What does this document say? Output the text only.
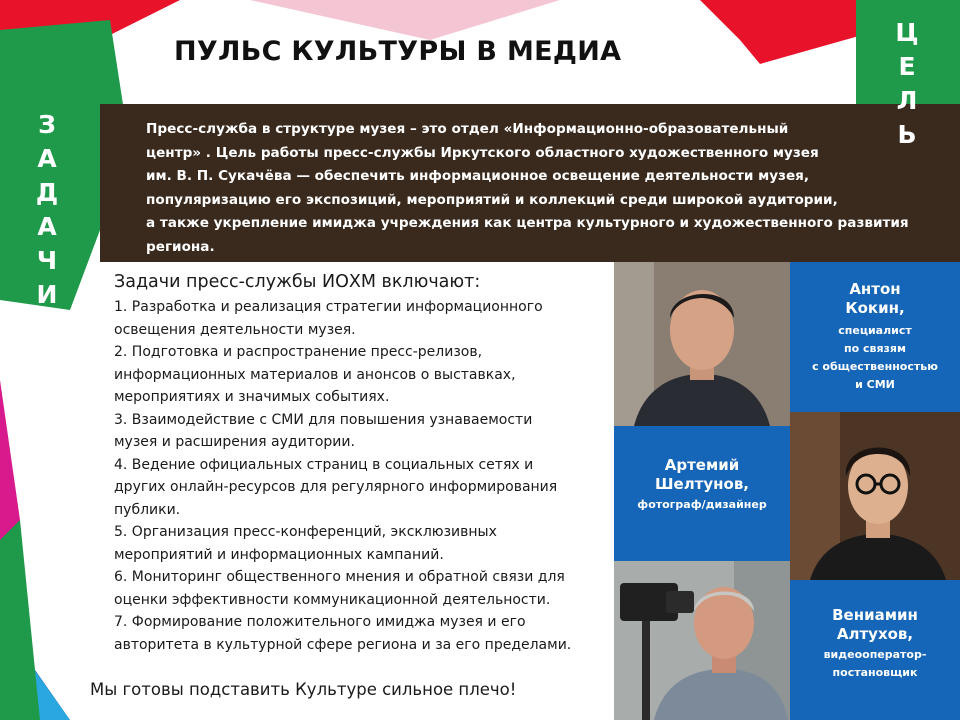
ПУЛЬС КУЛЬТУРЫ В МЕДИА
Пресс-служба в структуре музея – это отдел «Информационно-образовательный
центр» . Цель работы пресс-службы Иркутского областного художественного музея
им. В. П. Сукачёва — обеспечить информационное освещение деятельности музея,
популяризацию его экспозиций, мероприятий и коллекций среди широкой аудитории,
а также укрепление имиджа учреждения как центра культурного и художественного развития
региона.
З
А
Д
А
Ч
И
Ц
Е
Л
Ь
Задачи пресс-службы ИОХМ включают:

1. Разработка и реализация стратегии информационного

освещения деятельности музея.

2. Подготовка и распространение пресс-релизов,

информационных материалов и анонсов о выставках,

мероприятиях и значимых событиях.

3. Взаимодействие с СМИ для повышения узнаваемости

музея и расширения аудитории.

4. Ведение официальных страниц в социальных сетях и

других онлайн-ресурсов для регулярного информирования

публики.

5. Организация пресс-конференций, эксклюзивных

мероприятий и информационных кампаний.

6. Мониторинг общественного мнения и обратной связи для

оценки эффективности коммуникационной деятельности.

7. Формирование положительного имиджа музея и его

авторитета в культурной сфере региона и за его пределами.

Мы готовы подставить Культуре сильное плечо!
Антон
Кокин,
специалист
по связям
с общественностью
и СМИ
Артемий
Шелтунов,
фотограф/дизайнер
Вениамин
Алтухов,
видеооператор-
постановщик
